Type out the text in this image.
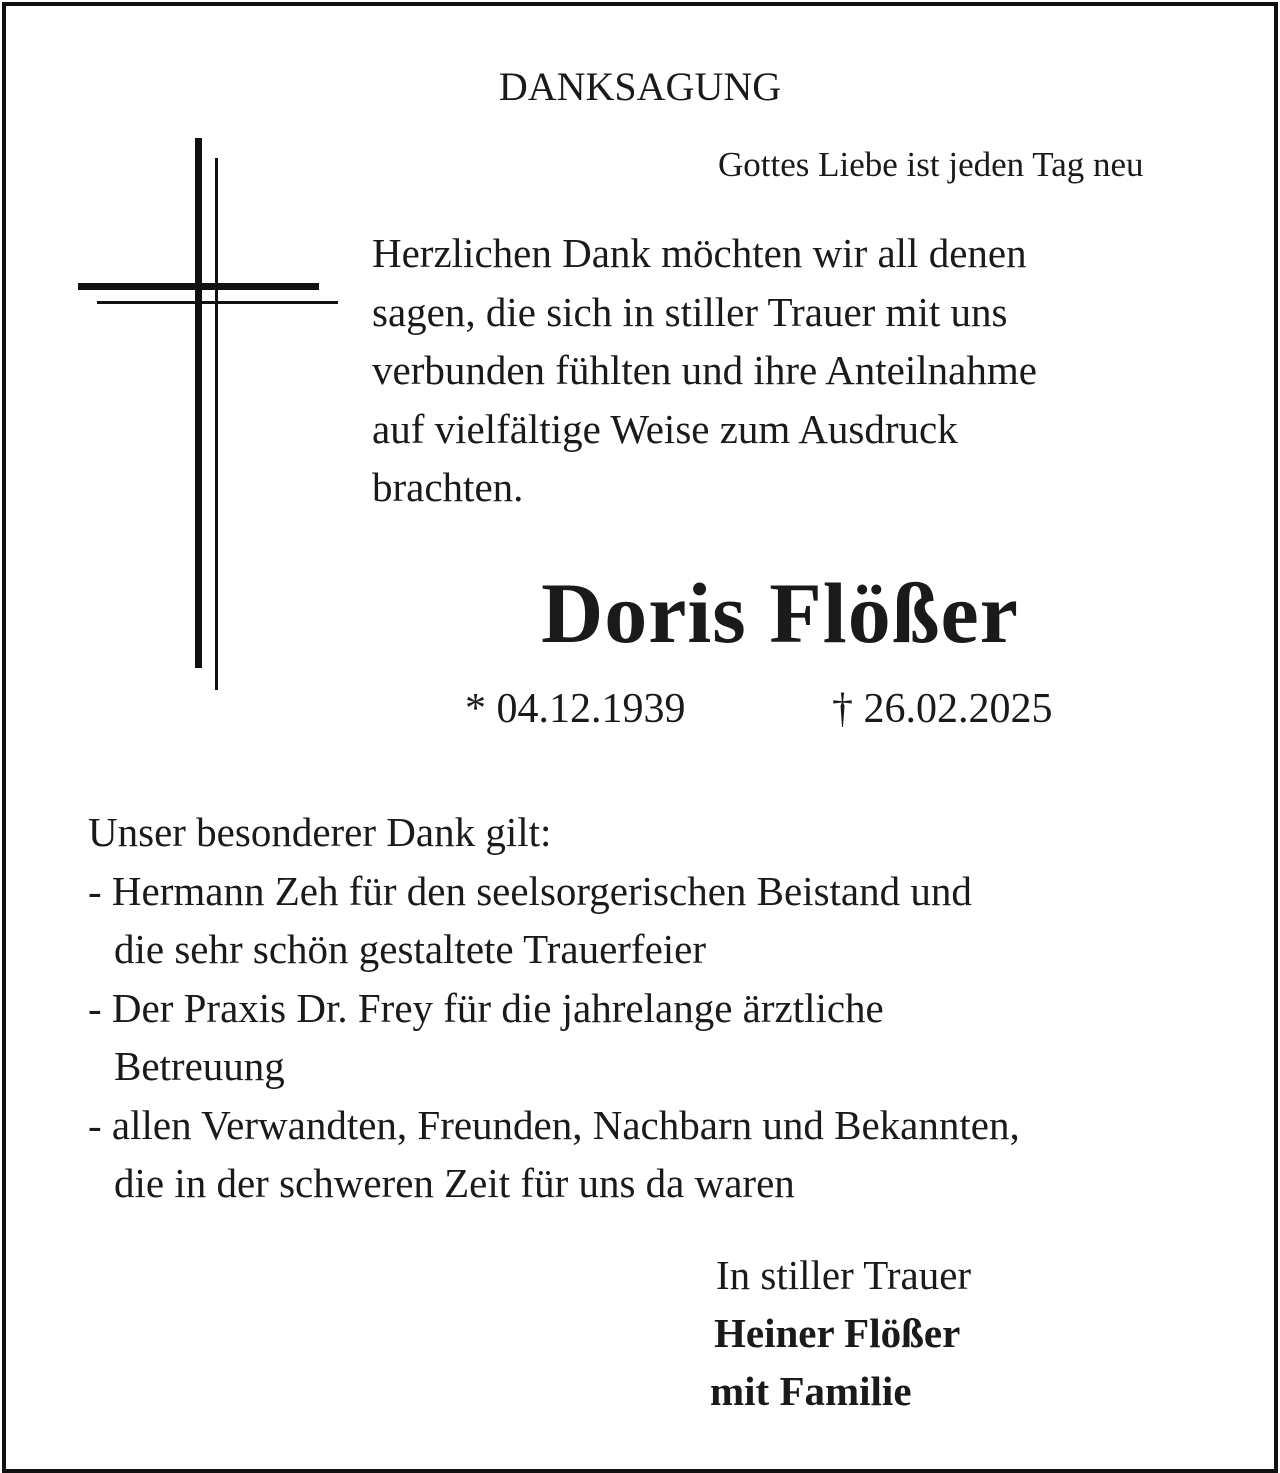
DANKSAGUNG
Gottes Liebe ist jeden Tag neu
Herzlichen Dank möchten wir all denen
sagen, die sich in stiller Trauer mit uns
verbunden fühlten und ihre Anteilnahme
auf vielfältige Weise zum Ausdruck
brachten.
Doris Flößer
* 04.12.1939	† 26.02.2025
Unser besonderer Dank gilt:
- Hermann Zeh für den seelsorgerischen Beistand und
die sehr schön gestaltete Trauerfeier
- Der Praxis Dr. Frey für die jahrelange ärztliche
Betreuung
- allen Verwandten, Freunden, Nachbarn und Bekannten,
die in der schweren Zeit für uns da waren
In stiller Trauer
Heiner Flößer
mit Familie
